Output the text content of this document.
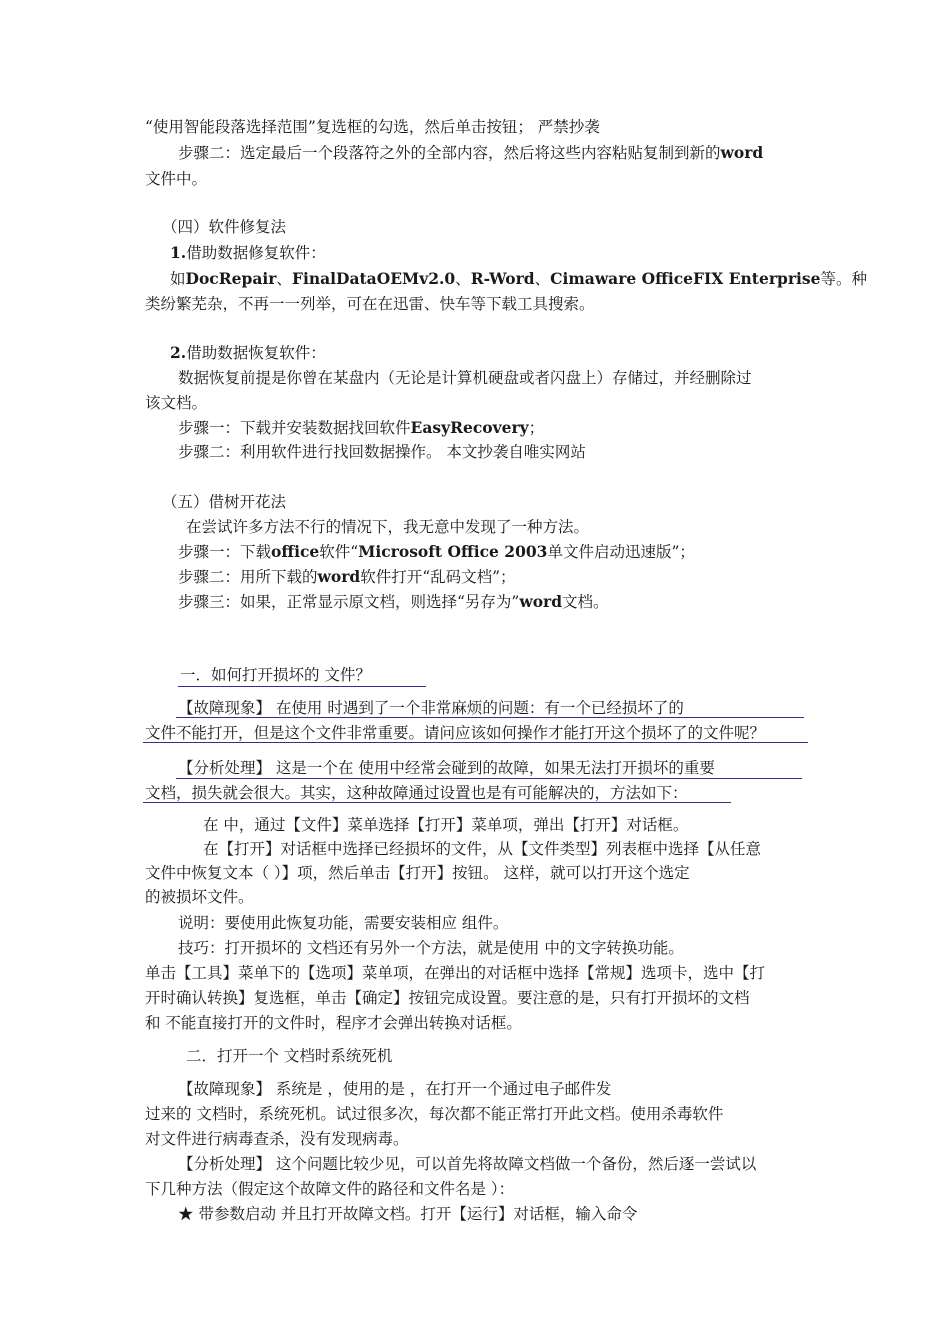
“使用智能段落选择范围”复选框的勾选，然后单击按钮； 严禁抄袭
步骤二：选定最后一个段落符之外的全部内容，然后将这些内容粘贴复制到新的word
文件中。
（四）软件修复法
1.借助数据修复软件：
如DocRepair、FinalDataOEMv2.0、R-Word、Cimaware OfficeFIX Enterprise等。种
类纷繁芜杂，不再一一列举，可在在迅雷、快车等下载工具搜索。
2.借助数据恢复软件：
数据恢复前提是你曾在某盘内（无论是计算机硬盘或者闪盘上）存储过，并经删除过
该文档。
步骤一：下载并安装数据找回软件EasyRecovery；
步骤二：利用软件进行找回数据操作。 本文抄袭自唯实网站
（五）借树开花法
在尝试许多方法不行的情况下，我无意中发现了一种方法。
步骤一：下载office软件“Microsoft Office 2003单文件启动迅速版”；
步骤二：用所下载的word软件打开“乱码文档”；
步骤三：如果，正常显示原文档，则选择“另存为”word文档。
一．如何打开损坏的 文件？
【故障现象】 在使用 时遇到了一个非常麻烦的问题：有一个已经损坏了的
文件不能打开，但是这个文件非常重要。请问应该如何操作才能打开这个损坏了的文件呢？
【分析处理】 这是一个在 使用中经常会碰到的故障，如果无法打开损坏的重要
文档，损失就会很大。其实，这种故障通过设置也是有可能解决的，方法如下：
在 中，通过【文件】菜单选择【打开】菜单项，弹出【打开】对话框。
在【打开】对话框中选择已经损坏的文件，从【文件类型】列表框中选择【从任意
文件中恢复文本（ ）】项，然后单击【打开】按钮。 这样，就可以打开这个选定
的被损坏文件。
说明：要使用此恢复功能，需要安装相应 组件。
技巧：打开损坏的 文档还有另外一个方法，就是使用 中的文字转换功能。
单击【工具】菜单下的【选项】菜单项，在弹出的对话框中选择【常规】选项卡，选中【打
开时确认转换】复选框，单击【确定】按钮完成设置。要注意的是，只有打开损坏的文档
和 不能直接打开的文件时，程序才会弹出转换对话框。
二．打开一个 文档时系统死机
【故障现象】 系统是 ，使用的是 ，在打开一个通过电子邮件发
过来的 文档时，系统死机。试过很多次，每次都不能正常打开此文档。使用杀毒软件
对文件进行病毒查杀，没有发现病毒。
【分析处理】 这个问题比较少见，可以首先将故障文档做一个备份，然后逐一尝试以
下几种方法（假定这个故障文件的路径和文件名是 ）：
★ 带参数启动 并且打开故障文档。打开【运行】对话框，输入命令
